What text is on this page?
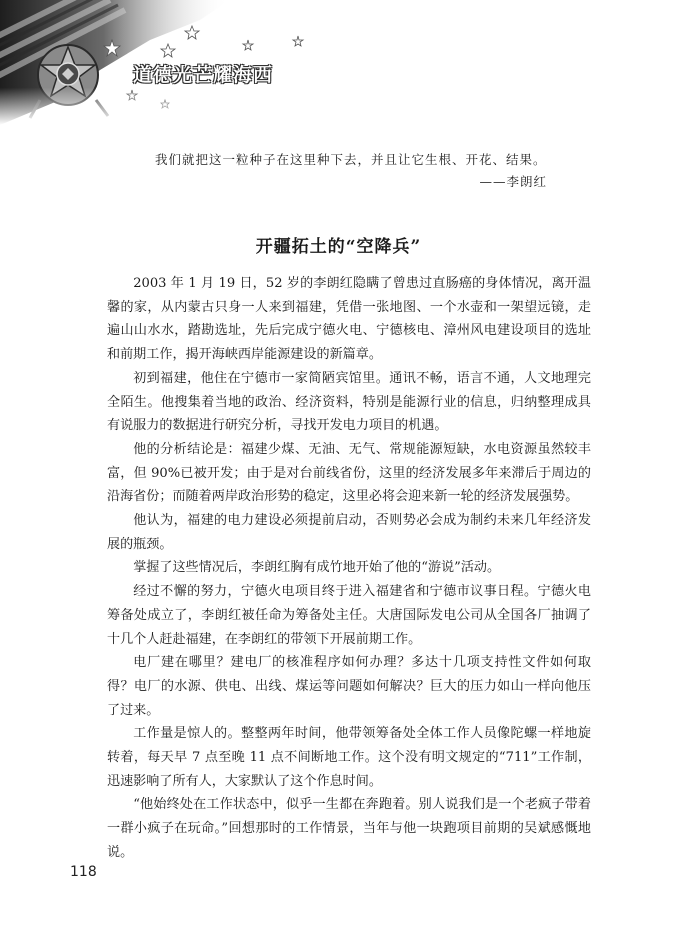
道德光芒耀海西

我们就把这一粒种子在这里种下去，并且让它生根、开花、结果。

——李朗红

开疆拓土的“空降兵”

2003 年 1 月 19 日，52 岁的李朗红隐瞒了曾患过直肠癌的身体情况，离开温馨的家，从内蒙古只身一人来到福建，凭借一张地图、一个水壶和一架望远镜，走遍山山水水，踏勘选址，先后完成宁德火电、宁德核电、漳州风电建设项目的选址和前期工作，揭开海峡西岸能源建设的新篇章。

初到福建，他住在宁德市一家简陋宾馆里。通讯不畅，语言不通，人文地理完全陌生。他搜集着当地的政治、经济资料，特别是能源行业的信息，归纳整理成具有说服力的数据进行研究分析，寻找开发电力项目的机遇。

他的分析结论是：福建少煤、无油、无气、常规能源短缺，水电资源虽然较丰富，但 90%已被开发；由于是对台前线省份，这里的经济发展多年来滞后于周边的沿海省份；而随着两岸政治形势的稳定，这里必将会迎来新一轮的经济发展强势。

他认为，福建的电力建设必须提前启动，否则势必会成为制约未来几年经济发展的瓶颈。

掌握了这些情况后，李朗红胸有成竹地开始了他的“游说”活动。

经过不懈的努力，宁德火电项目终于进入福建省和宁德市议事日程。宁德火电筹备处成立了，李朗红被任命为筹备处主任。大唐国际发电公司从全国各厂抽调了十几个人赶赴福建，在李朗红的带领下开展前期工作。

电厂建在哪里？建电厂的核准程序如何办理？多达十几项支持性文件如何取得？电厂的水源、供电、出线、煤运等问题如何解决？巨大的压力如山一样向他压了过来。

工作量是惊人的。整整两年时间，他带领筹备处全体工作人员像陀螺一样地旋转着，每天早 7 点至晚 11 点不间断地工作。这个没有明文规定的“711”工作制，迅速影响了所有人，大家默认了这个作息时间。

“他始终处在工作状态中，似乎一生都在奔跑着。别人说我们是一个老疯子带着一群小疯子在玩命。”回想那时的工作情景，当年与他一块跑项目前期的吴斌感慨地说。

118
